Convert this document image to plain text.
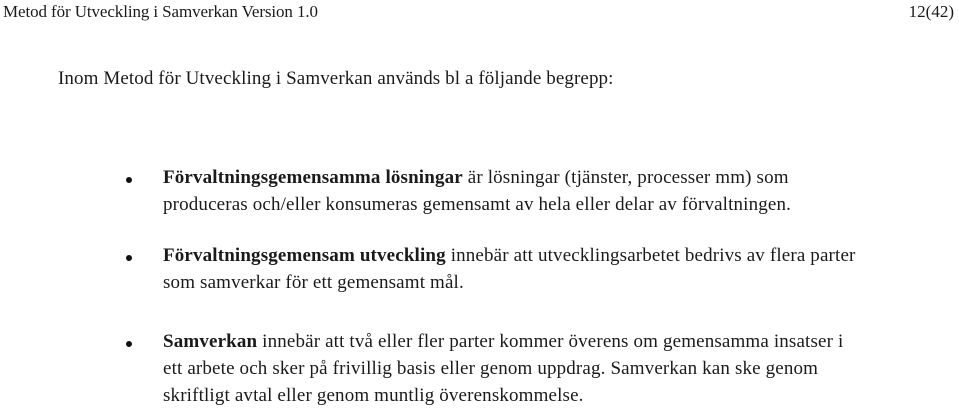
Metod för Utveckling i Samverkan Version 1.0	12(42)

Inom Metod för Utveckling i Samverkan används bl a följande begrepp:

Förvaltningsgemensamma lösningar är lösningar (tjänster, processer mm) som produceras och/eller konsumeras gemensamt av hela eller delar av förvaltningen.
Förvaltningsgemensam utveckling innebär att utvecklingsarbetet bedrivs av flera parter som samverkar för ett gemensamt mål.
Samverkan innebär att två eller fler parter kommer överens om gemensamma insatser i ett arbete och sker på frivillig basis eller genom uppdrag. Samverkan kan ske genom skriftligt avtal eller genom muntlig överenskommelse.
